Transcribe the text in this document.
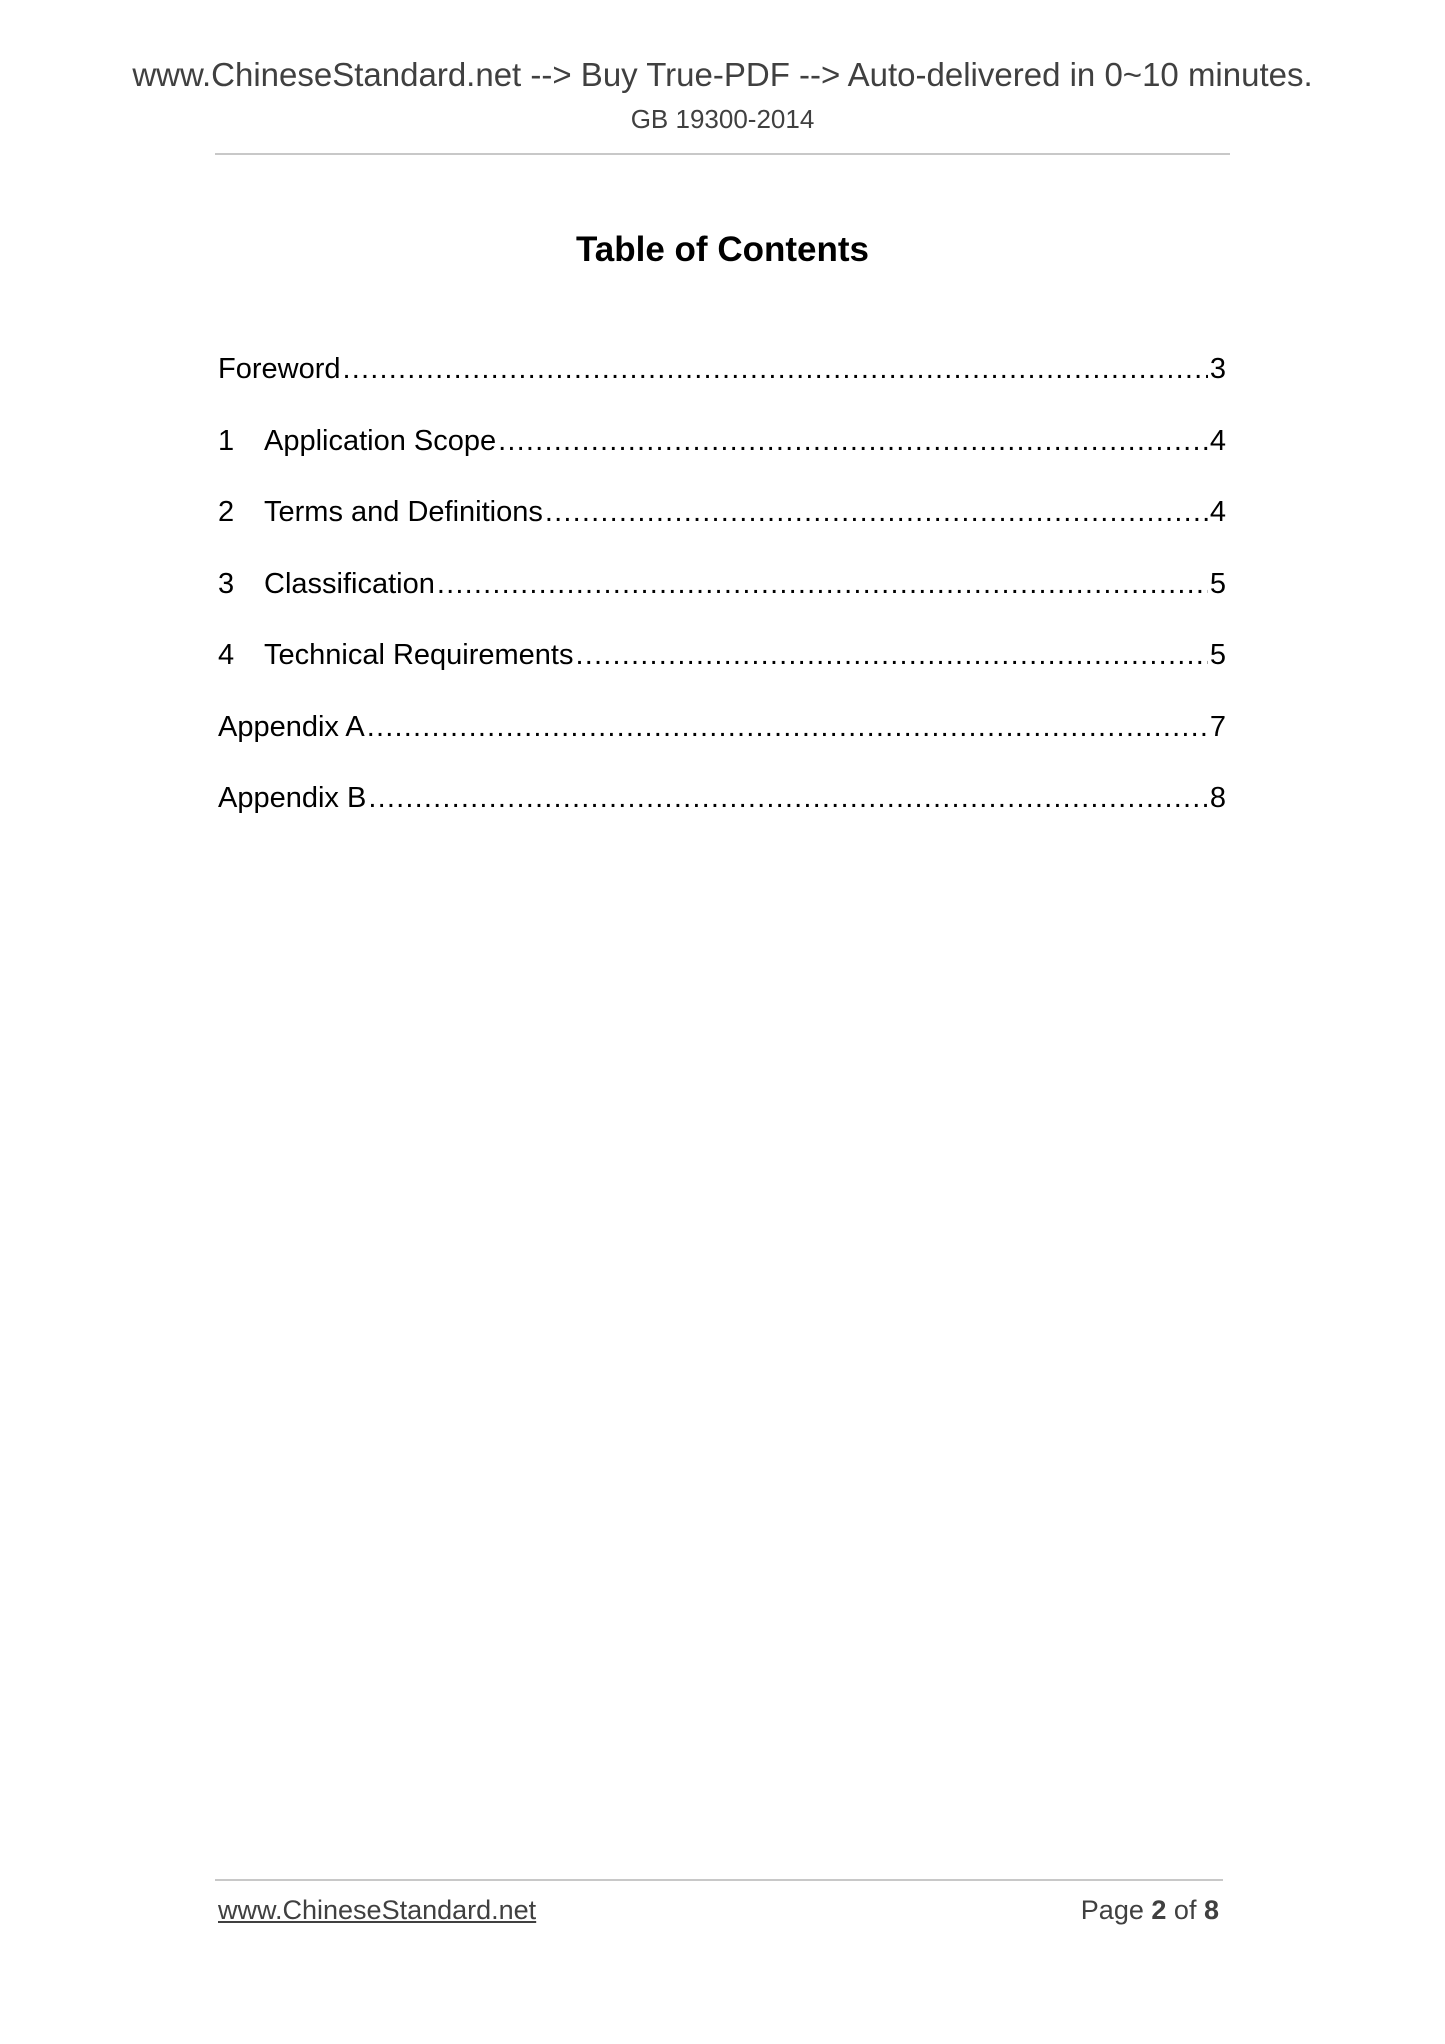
www.ChineseStandard.net --> Buy True-PDF --> Auto-delivered in 0~10 minutes.
GB 19300-2014
Table of Contents
Foreword .....	3
1	Application Scope .....	4
2	Terms and Definitions .....	4
3	Classification .....	5
4	Technical Requirements .....	5
Appendix A .....	7
Appendix B .....	8
www.ChineseStandard.net	Page 2 of 8
